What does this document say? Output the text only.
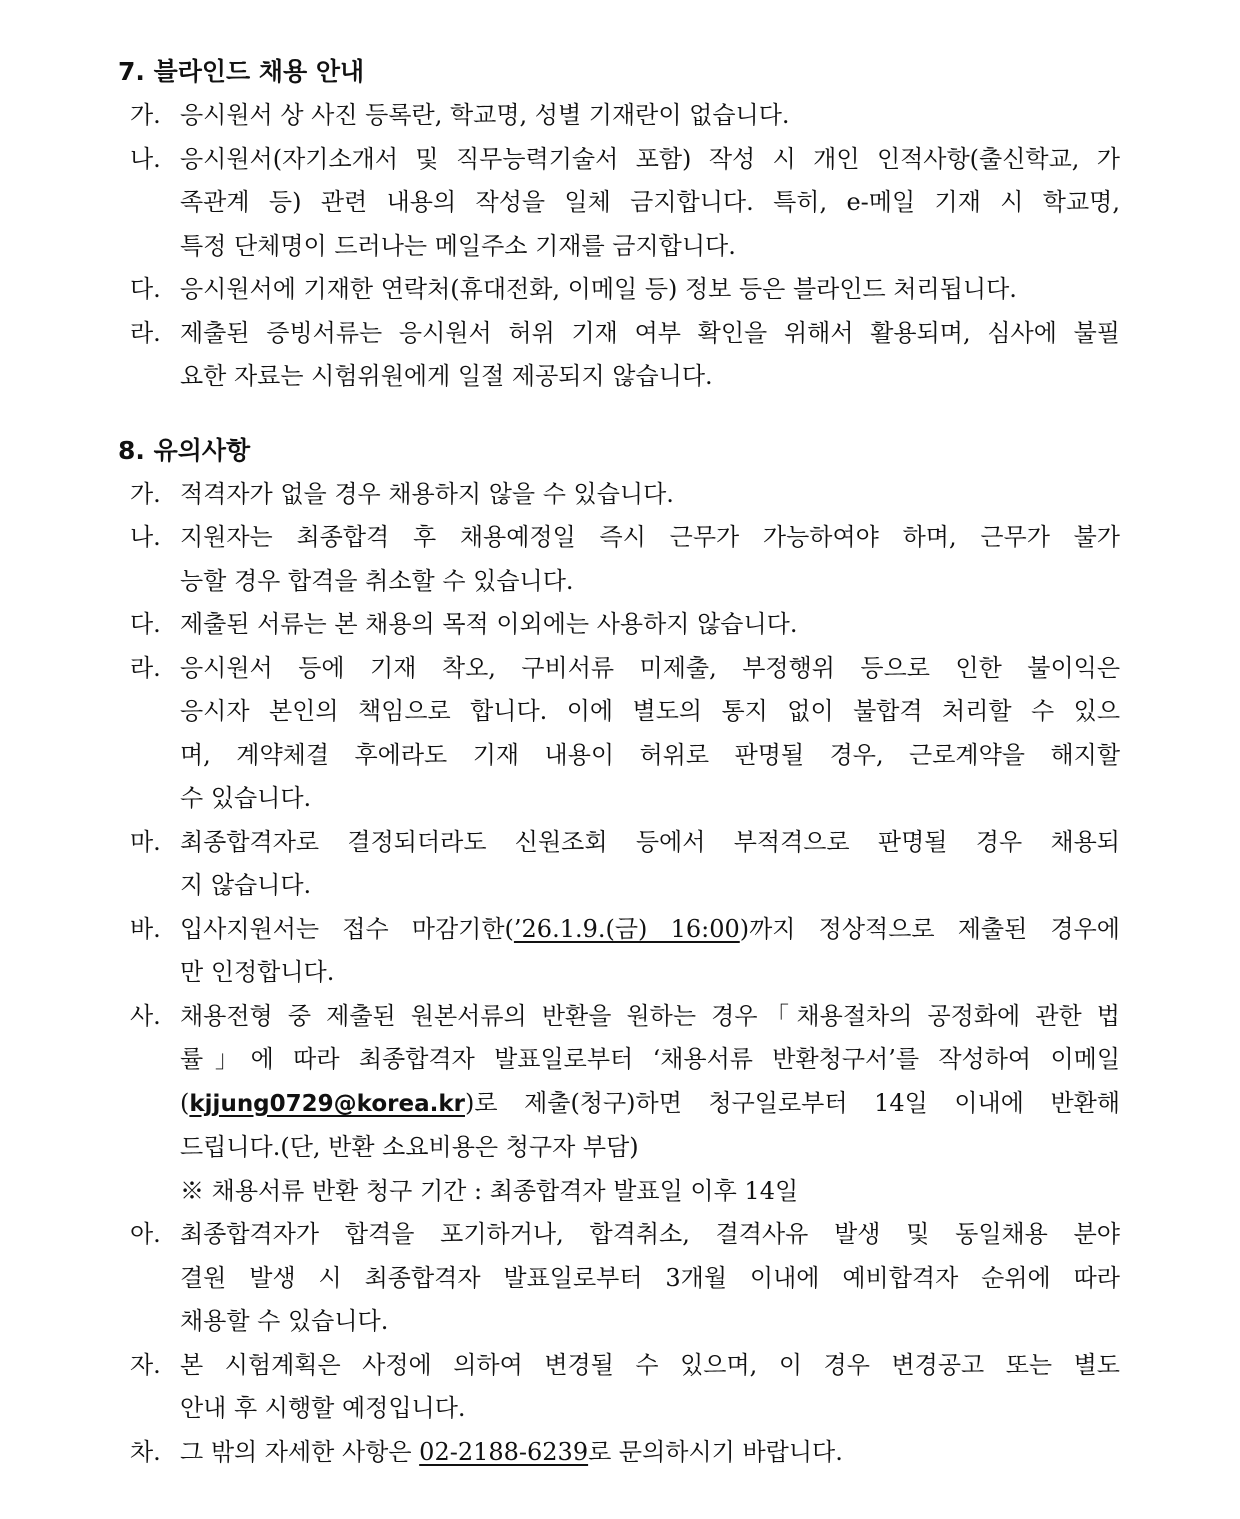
7. 블라인드 채용 안내
가. 응시원서 상 사진 등록란, 학교명, 성별 기재란이 없습니다.
나. 응시원서(자기소개서 및 직무능력기술서 포함) 작성 시 개인 인적사항(출신학교, 가
족관계 등) 관련 내용의 작성을 일체 금지합니다. 특히, e-메일 기재 시 학교명,
특정 단체명이 드러나는 메일주소 기재를 금지합니다.
다. 응시원서에 기재한 연락처(휴대전화, 이메일 등) 정보 등은 블라인드 처리됩니다.
라. 제출된 증빙서류는 응시원서 허위 기재 여부 확인을 위해서 활용되며, 심사에 불필
요한 자료는 시험위원에게 일절 제공되지 않습니다.
8. 유의사항
가. 적격자가 없을 경우 채용하지 않을 수 있습니다.
나. 지원자는 최종합격 후 채용예정일 즉시 근무가 가능하여야 하며, 근무가 불가
능할 경우 합격을 취소할 수 있습니다.
다. 제출된 서류는 본 채용의 목적 이외에는 사용하지 않습니다.
라. 응시원서 등에 기재 착오, 구비서류 미제출, 부정행위 등으로 인한 불이익은
응시자 본인의 책임으로 합니다. 이에 별도의 통지 없이 불합격 처리할 수 있으
며, 계약체결 후에라도 기재 내용이 허위로 판명될 경우, 근로계약을 해지할
수 있습니다.
마. 최종합격자로 결정되더라도 신원조회 등에서 부적격으로 판명될 경우 채용되
지 않습니다.
바. 입사지원서는 접수 마감기한(’26.1.9.(금) 16:00)까지 정상적으로 제출된 경우에
만 인정합니다.
사. 채용전형 중 제출된 원본서류의 반환을 원하는 경우「채용절차의 공정화에 관한 법
률」에 따라 최종합격자 발표일로부터 ‘채용서류 반환청구서’를 작성하여 이메일
(kjjung0729@korea.kr)로 제출(청구)하면 청구일로부터 14일 이내에 반환해
드립니다.(단, 반환 소요비용은 청구자 부담)
※ 채용서류 반환 청구 기간 : 최종합격자 발표일 이후 14일
아. 최종합격자가 합격을 포기하거나, 합격취소, 결격사유 발생 및 동일채용 분야
결원 발생 시 최종합격자 발표일로부터 3개월 이내에 예비합격자 순위에 따라
채용할 수 있습니다.
자. 본 시험계획은 사정에 의하여 변경될 수 있으며, 이 경우 변경공고 또는 별도
안내 후 시행할 예정입니다.
차. 그 밖의 자세한 사항은 02-2188-6239로 문의하시기 바랍니다.
